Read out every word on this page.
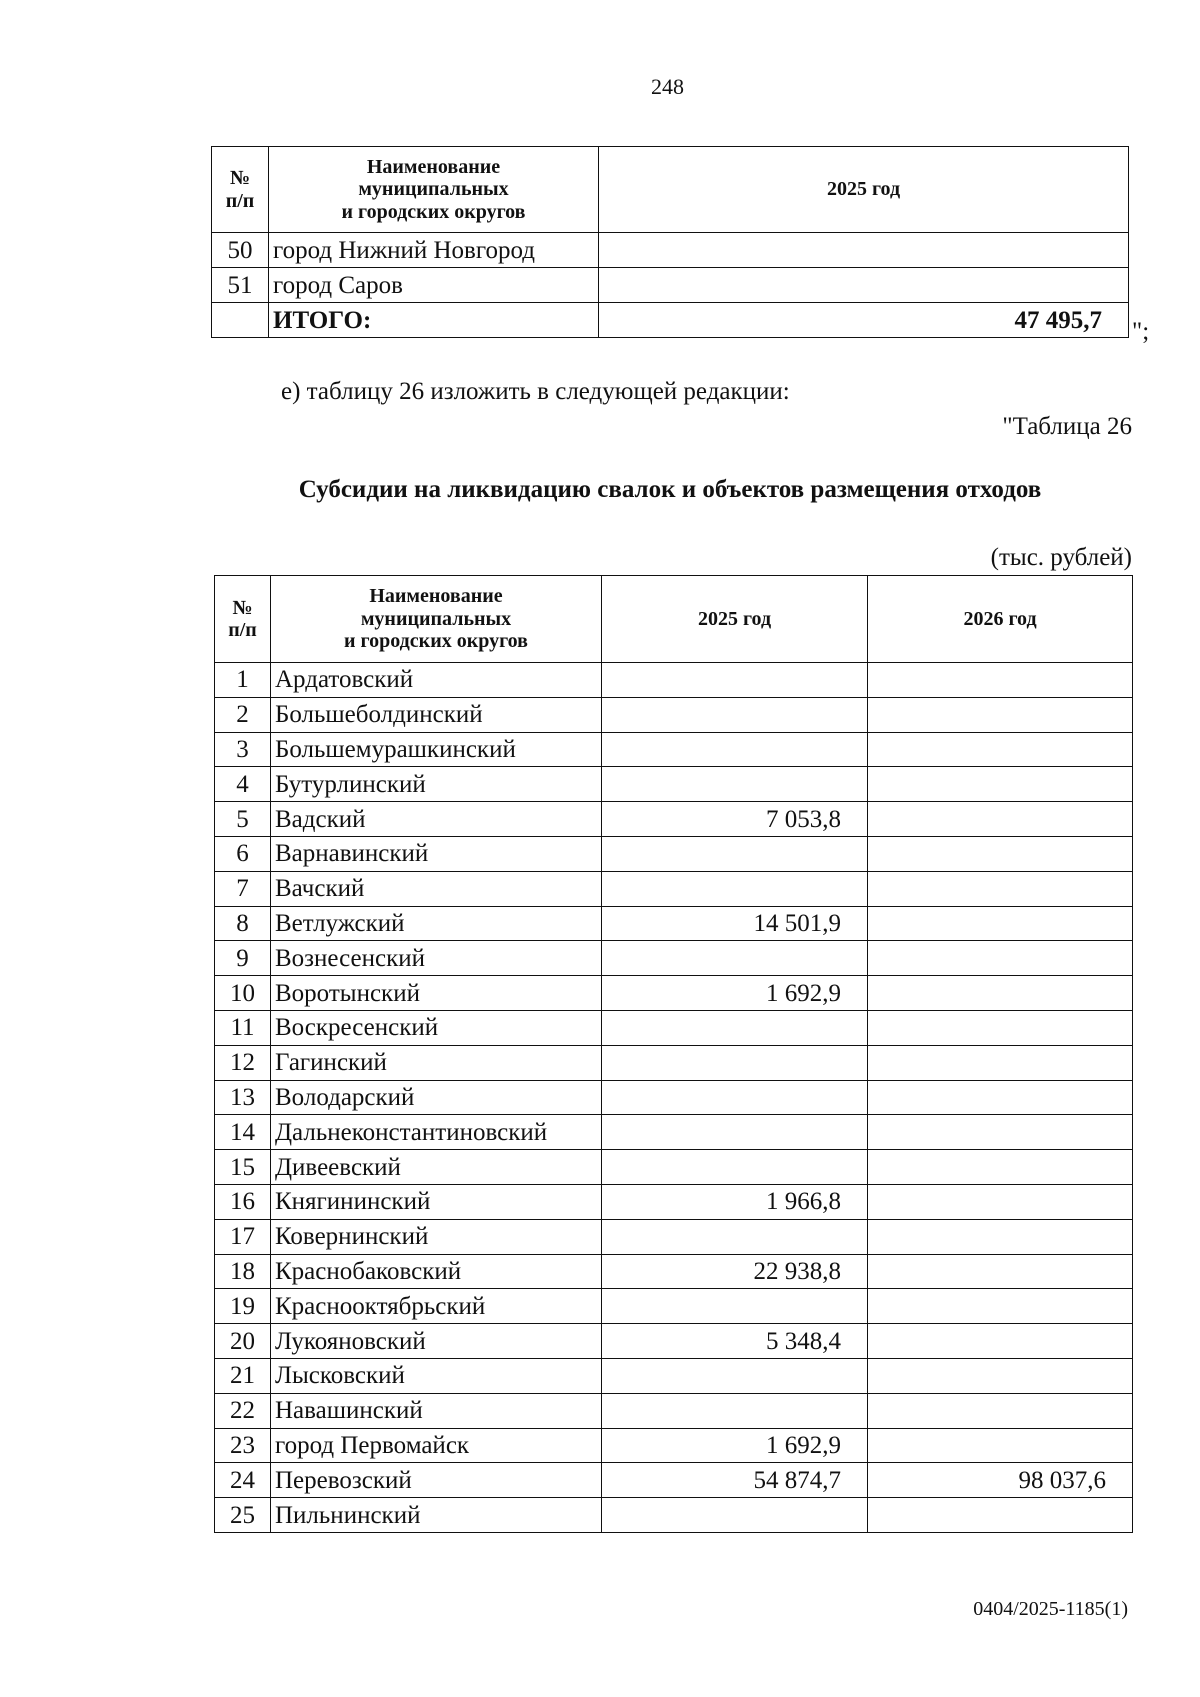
248
№
п/п	Наименование
муниципальных
и городских округов	2025 год
50	город Нижний Новгород	
51	город Саров	
	ИТОГО:	47 495,7 ";
е) таблицу 26 изложить в следующей редакции:
"Таблица 26
Субсидии на ликвидацию свалок и объектов размещения отходов
(тыс. рублей)
№
п/п	Наименование
муниципальных
и городских округов	2025 год	2026 год
1	Ардатовский		
2	Большеболдинский		
3	Большемурашкинский		
4	Бутурлинский		
5	Вадский	7 053,8	
6	Варнавинский		
7	Вачский		
8	Ветлужский	14 501,9	
9	Вознесенский		
10	Воротынский	1 692,9	
11	Воскресенский		
12	Гагинский		
13	Володарский		
14	Дальнеконстантиновский		
15	Дивеевский		
16	Княгининский	1 966,8	
17	Ковернинский		
18	Краснобаковский	22 938,8	
19	Краснооктябрьский		
20	Лукояновский	5 348,4	
21	Лысковский		
22	Навашинский		
23	город Первомайск	1 692,9	
24	Перевозский	54 874,7	98 037,6
25	Пильнинский		
0404/2025-1185(1)
